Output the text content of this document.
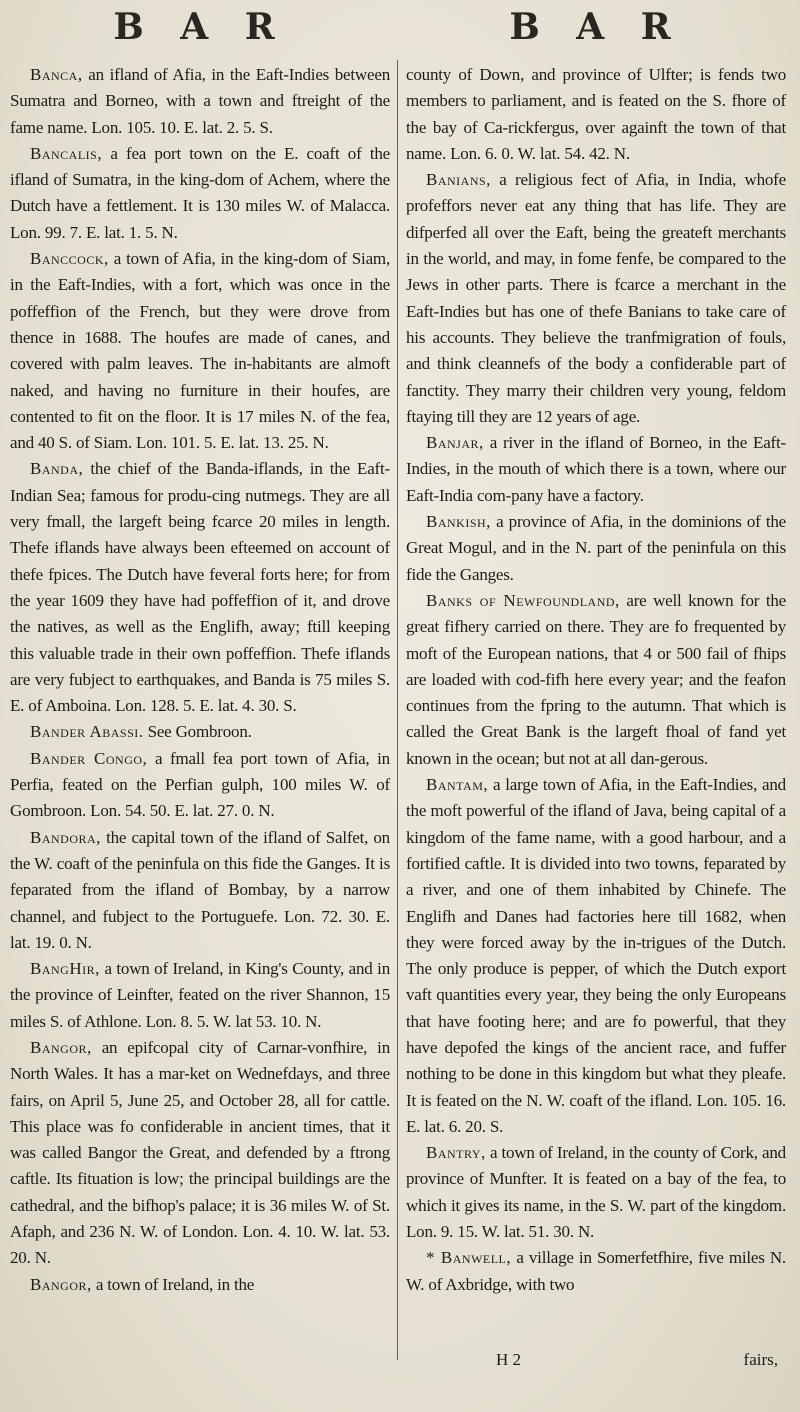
B A R

Banca, an ifland of Afia, in the Eaft-Indies between Sumatra and Borneo, with a town and ftreight of the fame name. Lon. 105. 10. E. lat. 2. 5. S.

Bancalis, a fea port town on the E. coaft of the ifland of Sumatra, in the king-dom of Achem, where the Dutch have a fettlement. It is 130 miles W. of Malacca. Lon. 99. 7. E. lat. 1. 5. N.

Banccock, a town of Afia, in the king-dom of Siam, in the Eaft-Indies, with a fort, which was once in the poffeffion of the French, but they were drove from thence in 1688. The houfes are made of canes, and covered with palm leaves. The in-habitants are almoft naked, and having no furniture in their houfes, are contented to fit on the floor. It is 17 miles N. of the fea, and 40 S. of Siam. Lon. 101. 5. E. lat. 13. 25. N.

Banda, the chief of the Banda-iflands, in the Eaft-Indian Sea; famous for produ-cing nutmegs. They are all very fmall, the largeft being fcarce 20 miles in length. Thefe iflands have always been efteemed on account of thefe fpices. The Dutch have feveral forts here; for from the year 1609 they have had poffeffion of it, and drove the natives, as well as the Englifh, away; ftill keeping this valuable trade in their own poffeffion. Thefe iflands are very fubject to earthquakes, and Banda is 75 miles S. E. of Amboina. Lon. 128. 5. E. lat. 4. 30. S.

Bander Abassi. See Gombroon.

Bander Congo, a fmall fea port town of Afia, in Perfia, feated on the Perfian gulph, 100 miles W. of Gombroon. Lon. 54. 50. E. lat. 27. 0. N.

Bandora, the capital town of the ifland of Salfet, on the W. coaft of the peninfula on this fide the Ganges. It is feparated from the ifland of Bombay, by a narrow channel, and fubject to the Portuguefe. Lon. 72. 30. E. lat. 19. 0. N.

BangHir, a town of Ireland, in King's County, and in the province of Leinfter, feated on the river Shannon, 15 miles S. of Athlone. Lon. 8. 5. W. lat 53. 10. N.

Bangor, an epifcopal city of Carnar-vonfhire, in North Wales. It has a mar-ket on Wednefdays, and three fairs, on April 5, June 25, and October 28, all for cattle. This place was fo confiderable in ancient times, that it was called Bangor the Great, and defended by a ftrong caftle. Its fituation is low; the principal buildings are the cathedral, and the bifhop's palace; it is 36 miles W. of St. Afaph, and 236 N. W. of London. Lon. 4. 10. W. lat. 53. 20. N.

Bangor, a town of Ireland, in the

B A R

county of Down, and province of Ulfter; is fends two members to parliament, and is feated on the S. fhore of the bay of Ca-rickfergus, over againft the town of that name. Lon. 6. 0. W. lat. 54. 42. N.

Banians, a religious fect of Afia, in India, whofe profeffors never eat any thing that has life. They are difperfed all over the Eaft, being the greateft merchants in the world, and may, in fome fenfe, be compared to the Jews in other parts. There is fcarce a merchant in the Eaft-Indies but has one of thefe Banians to take care of his accounts. They believe the tranfmigration of fouls, and think cleannefs of the body a confiderable part of fanctity. They marry their children very young, feldom ftaying till they are 12 years of age.

Banjar, a river in the ifland of Borneo, in the Eaft-Indies, in the mouth of which there is a town, where our Eaft-India com-pany have a factory.

Bankish, a province of Afia, in the dominions of the Great Mogul, and in the N. part of the peninfula on this fide the Ganges.

Banks of Newfoundland, are well known for the great fifhery carried on there. They are fo frequented by moft of the European nations, that 4 or 500 fail of fhips are loaded with cod-fifh here every year; and the feafon continues from the fpring to the autumn. That which is called the Great Bank is the largeft fhoal of fand yet known in the ocean; but not at all dan-gerous.

Bantam, a large town of Afia, in the Eaft-Indies, and the moft powerful of the ifland of Java, being capital of a kingdom of the fame name, with a good harbour, and a fortified caftle. It is divided into two towns, feparated by a river, and one of them inhabited by Chinefe. The Englifh and Danes had factories here till 1682, when they were forced away by the in-trigues of the Dutch. The only produce is pepper, of which the Dutch export vaft quantities every year, they being the only Europeans that have footing here; and are fo powerful, that they have depofed the kings of the ancient race, and fuffer nothing to be done in this kingdom but what they pleafe. It is feated on the N. W. coaft of the ifland. Lon. 105. 16. E. lat. 6. 20. S.

Bantry, a town of Ireland, in the county of Cork, and province of Munfter. It is feated on a bay of the fea, to which it gives its name, in the S. W. part of the kingdom. Lon. 9. 15. W. lat. 51. 30. N.

* Banwell, a village in Somerfetfhire, five miles N. W. of Axbridge, with two

H 2	fairs,
